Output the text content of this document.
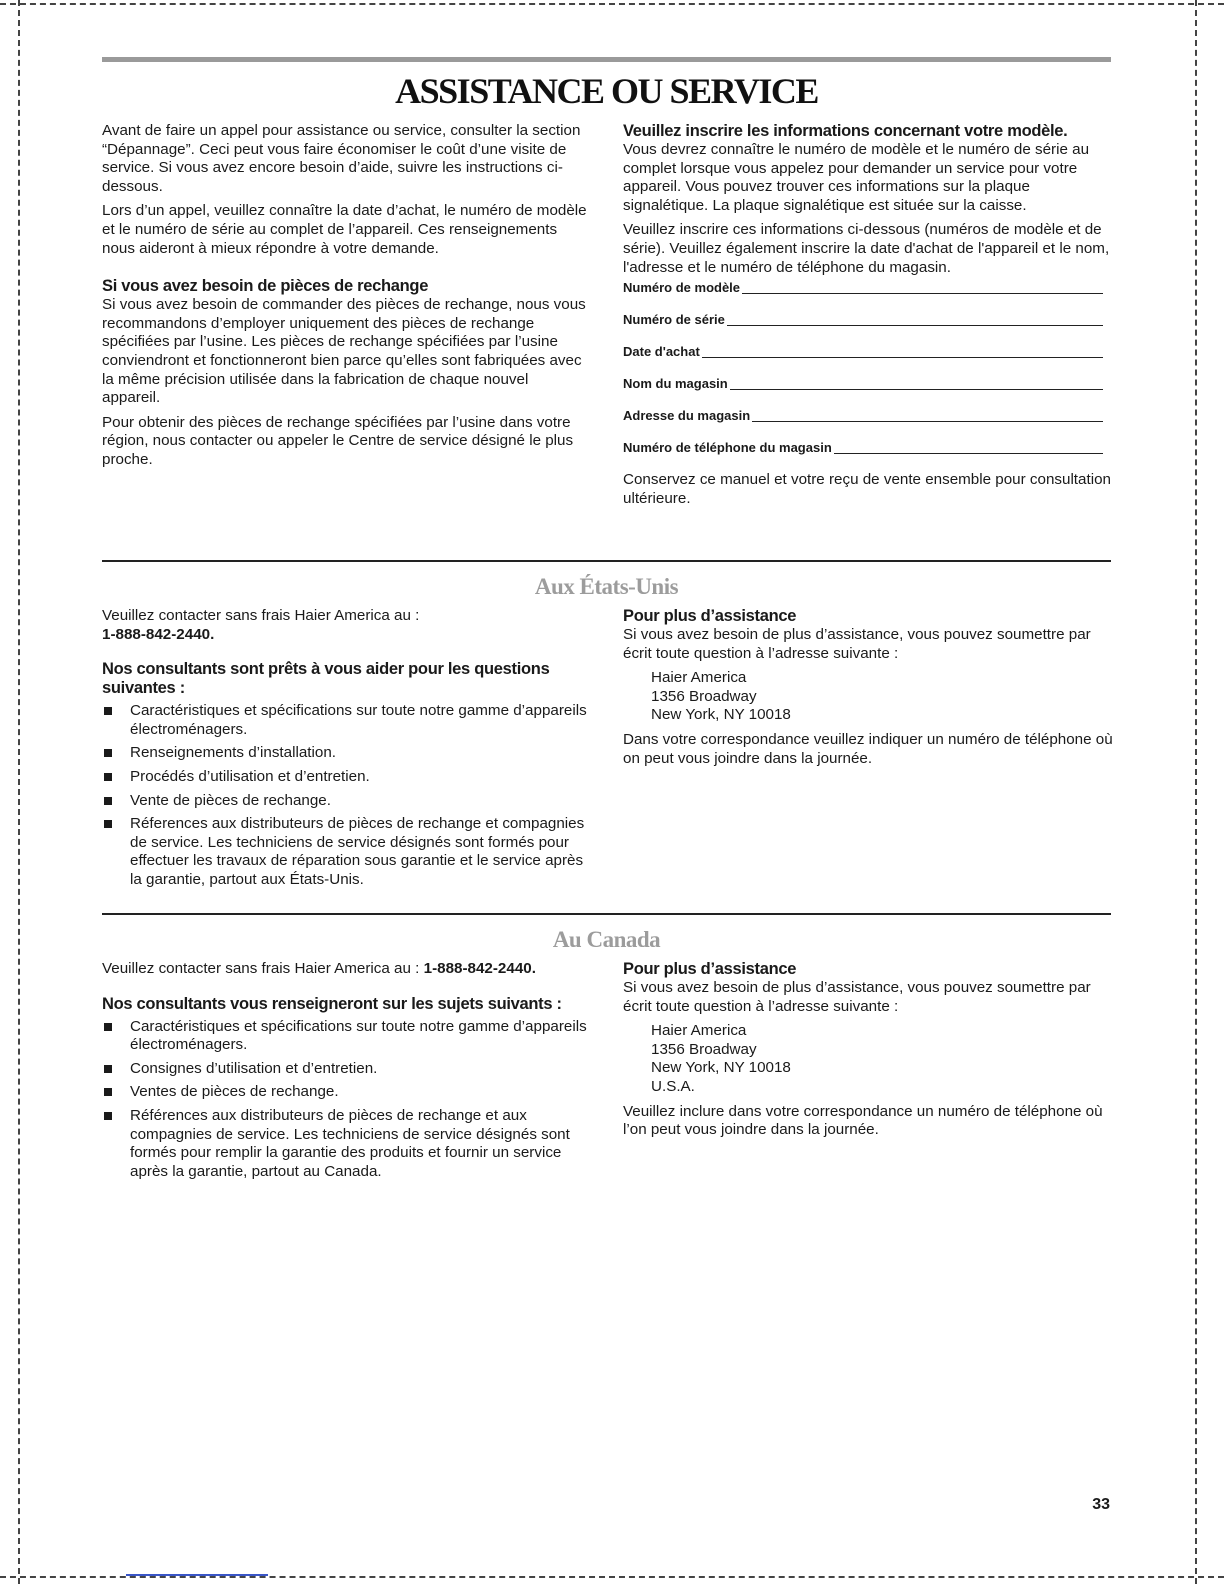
ASSISTANCE OU SERVICE

Avant de faire un appel pour assistance ou service, consulter la section “Dépannage”. Ceci peut vous faire économiser le coût d’une visite de service. Si vous avez encore besoin d’aide, suivre les instructions ci-dessous.

Lors d’un appel, veuillez connaître la date d’achat, le numéro de modèle et le numéro de série au complet de l’appareil. Ces renseignements nous aideront à mieux répondre à votre demande.

Si vous avez besoin de pièces de rechange

Si vous avez besoin de commander des pièces de rechange, nous vous recommandons d’employer uniquement des pièces de rechange spécifiées par l’usine. Les pièces de rechange spécifiées par l’usine conviendront et fonctionneront bien parce qu’elles sont fabriquées avec la même précision utilisée dans la fabrication de chaque nouvel appareil.

Pour obtenir des pièces de rechange spécifiées par l’usine dans votre région, nous contacter ou appeler le Centre de service désigné le plus proche.

Veuillez inscrire les informations concernant votre modèle.

Vous devrez connaître le numéro de modèle et le numéro de série au complet lorsque vous appelez pour demander un service pour votre appareil. Vous pouvez trouver ces informations sur la plaque signalétique. La plaque signalétique est située sur la caisse.

Veuillez inscrire ces informations ci-dessous (numéros de modèle et de série). Veuillez également inscrire la date d'achat de l'appareil et le nom, l'adresse et le numéro de téléphone du magasin.

Numéro de modèle
Numéro de série
Date d'achat
Nom du magasin
Adresse du magasin
Numéro de téléphone du magasin

Conservez ce manuel et votre reçu de vente ensemble pour consultation ultérieure.

Aux États-Unis
Veuillez contacter sans frais Haier America au :
1-888-842-2440.
Nos consultants sont prêts à vous aider pour les questions suivantes :
Caractéristiques et spécifications sur toute notre gamme d’appareils électroménagers.
Renseignements d’installation.
Procédés d’utilisation et d’entretien.
Vente de pièces de rechange.
Réferences aux distributeurs de pièces de rechange et compagnies de service. Les techniciens de service désignés sont formés pour effectuer les travaux de réparation sous garantie et le service après la garantie, partout aux États-Unis.
Pour plus d’assistance

Si vous avez besoin de plus d’assistance, vous pouvez soumettre par écrit toute question à l’adresse suivante :

Haier America
1356 Broadway
New York, NY 10018

Dans votre correspondance veuillez indiquer un numéro de téléphone où on peut vous joindre dans la journée.

Au Canada
Veuillez contacter sans frais Haier America au : 1-888-842-2440.
Nos consultants vous renseigneront sur les sujets suivants :
Caractéristiques et spécifications sur toute notre gamme d’appareils électroménagers.
Consignes d’utilisation et d’entretien.
Ventes de pièces de rechange.
Références aux distributeurs de pièces de rechange et aux compagnies de service. Les techniciens de service désignés sont formés pour remplir la garantie des produits et fournir un service après la garantie, partout au Canada.
Pour plus d’assistance

Si vous avez besoin de plus d’assistance, vous pouvez soumettre par écrit toute question à l’adresse suivante :

Haier America
1356 Broadway
New York, NY 10018
U.S.A.

Veuillez inclure dans votre correspondance un numéro de téléphone où l’on peut vous joindre dans la journée.

33
